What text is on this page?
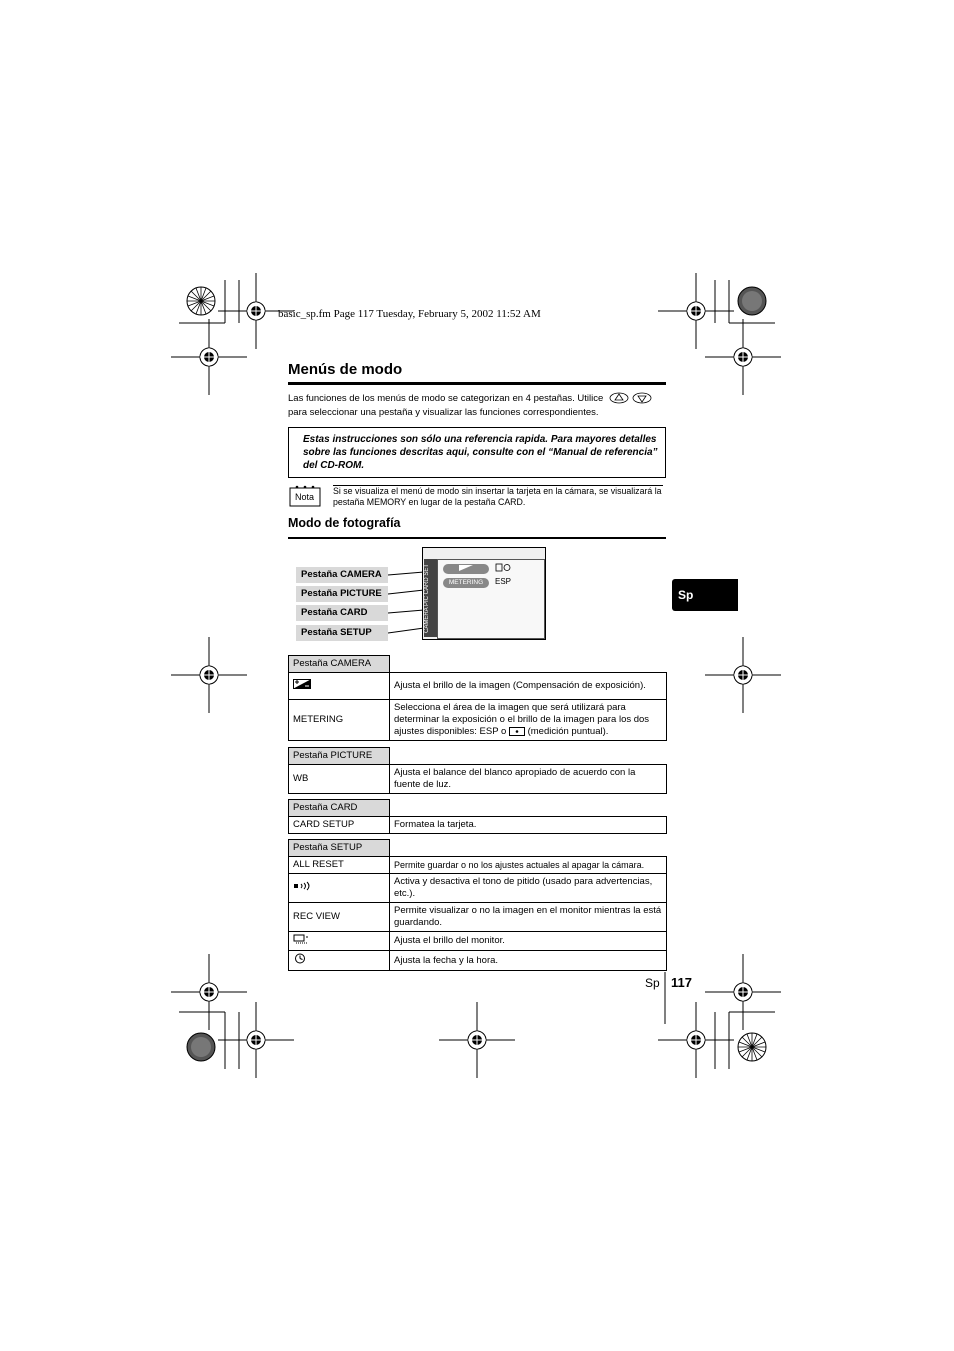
basic_sp.fm Page 117 Tuesday, February 5, 2002 11:52 AM
Menús de modo
Las funciones de los menús de modo se categorizan en 4 pestañas. Utilice
para seleccionar una pestaña y visualizar las funciones correspondientes.
Estas instrucciones son sólo una referencia rapida. Para mayores detalles sobre las funciones descritas aqui, consulte con el “Manual de referencia” del CD-ROM.
Nota
Si se visualiza el menú de modo sin insertar la tarjeta en la cámara, se visualizará la pestaña MEMORY en lugar de la pestaña CARD.
Modo de fotografía
Pestaña CAMERA
Pestaña PICTURE
Pestaña CARD
Pestaña SETUP	CAMERA PIC CARD SET	METERING	ESP
Sp
Pestaña CAMERA	
	Ajusta el brillo de la imagen (Compensación de exposición).
METERING	Selecciona el área de la imagen que será utilizará para determinar la exposición o el brillo de la imagen para los dos ajustes disponibles: ESP o (medición puntual).
Pestaña PICTURE	
WB	Ajusta el balance del blanco apropiado de acuerdo con la fuente de luz.
Pestaña CARD	
CARD SETUP	Formatea la tarjeta.
Pestaña SETUP	
ALL RESET	Permite guardar o no los ajustes actuales al apagar la cámara.
	Activa y desactiva el tono de pitido (usado para advertencias, etc.).
REC VIEW	Permite visualizar o no la imagen en el monitor mientras la está guardando.
	Ajusta el brillo del monitor.
	Ajusta la fecha y la hora.
Sp 117
